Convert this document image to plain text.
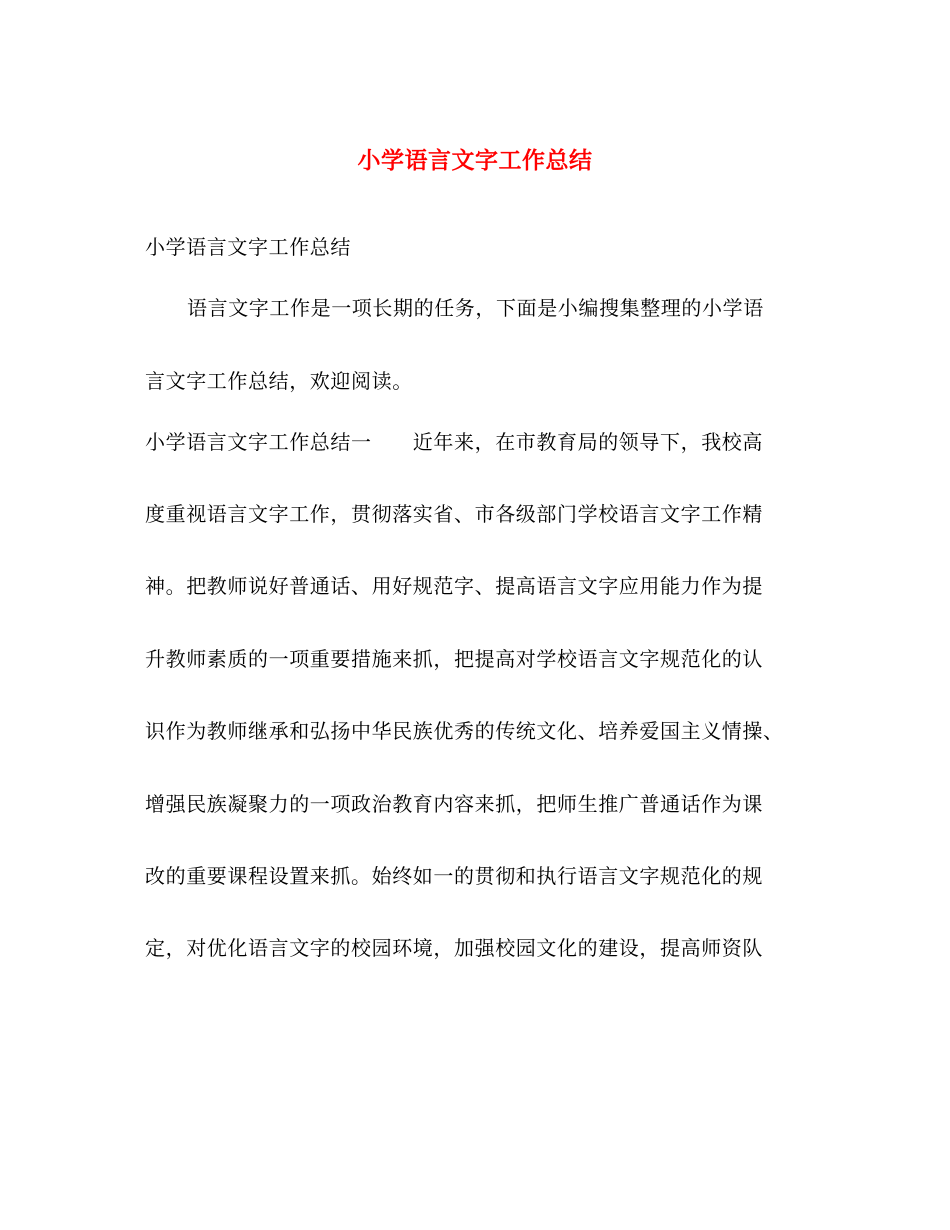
小学语言文字工作总结
小学语言文字工作总结
语言文字工作是一项长期的任务，下面是小编搜集整理的小学语
言文字工作总结，欢迎阅读。
小学语言文字工作总结一　　近年来，在市教育局的领导下，我校高
度重视语言文字工作，贯彻落实省、市各级部门学校语言文字工作精
神。把教师说好普通话、用好规范字、提高语言文字应用能力作为提
升教师素质的一项重要措施来抓，把提高对学校语言文字规范化的认
识作为教师继承和弘扬中华民族优秀的传统文化、培养爱国主义情操、
增强民族凝聚力的一项政治教育内容来抓，把师生推广普通话作为课
改的重要课程设置来抓。始终如一的贯彻和执行语言文字规范化的规
定，对优化语言文字的校园环境，加强校园文化的建设，提高师资队
